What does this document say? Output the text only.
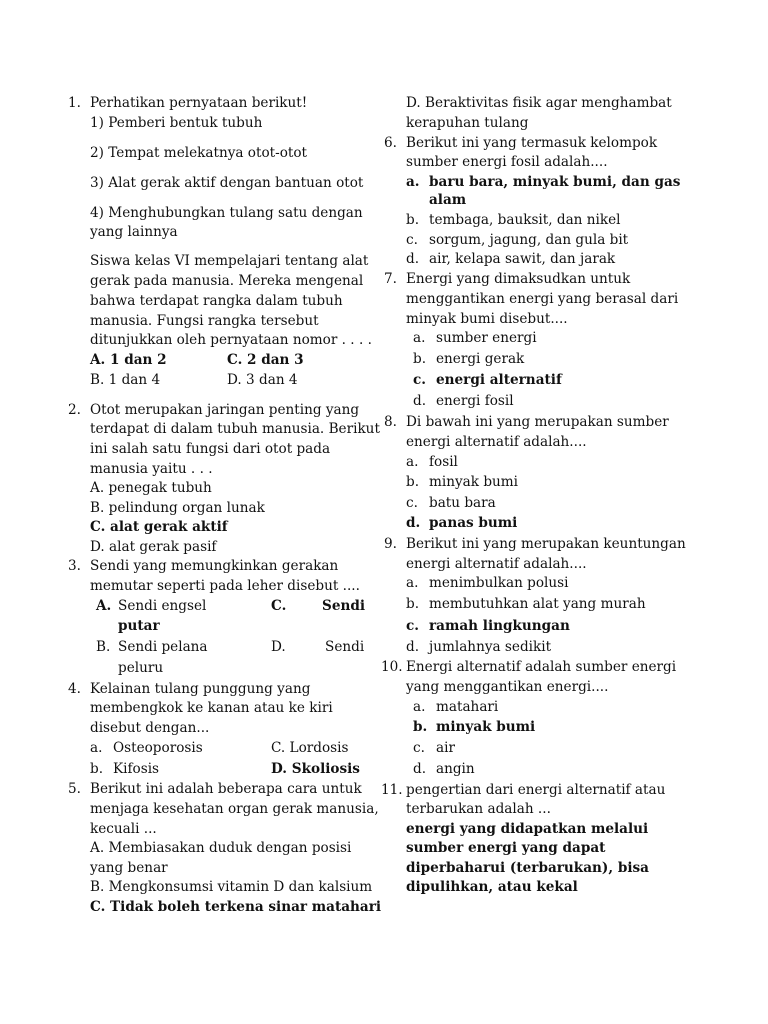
1. Perhatikan pernyataan berikut!
1) Pemberi bentuk tubuh
2) Tempat melekatnya otot-otot
3) Alat gerak aktif dengan bantuan otot
4) Menghubungkan tulang satu dengan
yang lainnya
Siswa kelas VI mempelajari tentang alat
gerak pada manusia. Mereka mengenal
bahwa terdapat rangka dalam tubuh
manusia. Fungsi rangka tersebut
ditunjukkan oleh pernyataan nomor . . . .
A. 1 dan 2	C. 2 dan 3
B. 1 dan 4	D. 3 dan 4
2. Otot merupakan jaringan penting yang
terdapat di dalam tubuh manusia. Berikut
ini salah satu fungsi dari otot pada
manusia yaitu . . .
A. penegak tubuh
B. pelindung organ lunak
C. alat gerak aktif
D. alat gerak pasif
3. Sendi yang memungkinkan gerakan
memutar seperti pada leher disebut ....
A. Sendi engsel	C.	Sendi
putar
B. Sendi pelana	D.	Sendi
peluru
4. Kelainan tulang punggung yang
membengkok ke kanan atau ke kiri
disebut dengan...
a. Osteoporosis	C. Lordosis
b. Kifosis	D. Skoliosis
5. Berikut ini adalah beberapa cara untuk
menjaga kesehatan organ gerak manusia,
kecuali ...
A. Membiasakan duduk dengan posisi
yang benar
B. Mengkonsumsi vitamin D dan kalsium
C. Tidak boleh terkena sinar matahari
D. Beraktivitas fisik agar menghambat
kerapuhan tulang
6. Berikut ini yang termasuk kelompok
sumber energi fosil adalah....
a. baru bara, minyak bumi, dan gas
alam
b. tembaga, bauksit, dan nikel
c. sorgum, jagung, dan gula bit
d. air, kelapa sawit, dan jarak
7. Energi yang dimaksudkan untuk
menggantikan energi yang berasal dari
minyak bumi disebut....
a. sumber energi
b. energi gerak
c. energi alternatif
d. energi fosil
8. Di bawah ini yang merupakan sumber
energi alternatif adalah....
a. fosil
b. minyak bumi
c. batu bara
d. panas bumi
9. Berikut ini yang merupakan keuntungan
energi alternatif adalah....
a. menimbulkan polusi
b. membutuhkan alat yang murah
c. ramah lingkungan
d. jumlahnya sedikit
10. Energi alternatif adalah sumber energi
yang menggantikan energi....
a. matahari
b. minyak bumi
c. air
d. angin
11. pengertian dari energi alternatif atau
terbarukan adalah ...
energi yang didapatkan melalui
sumber energi yang dapat
diperbaharui (terbarukan), bisa
dipulihkan, atau kekal
